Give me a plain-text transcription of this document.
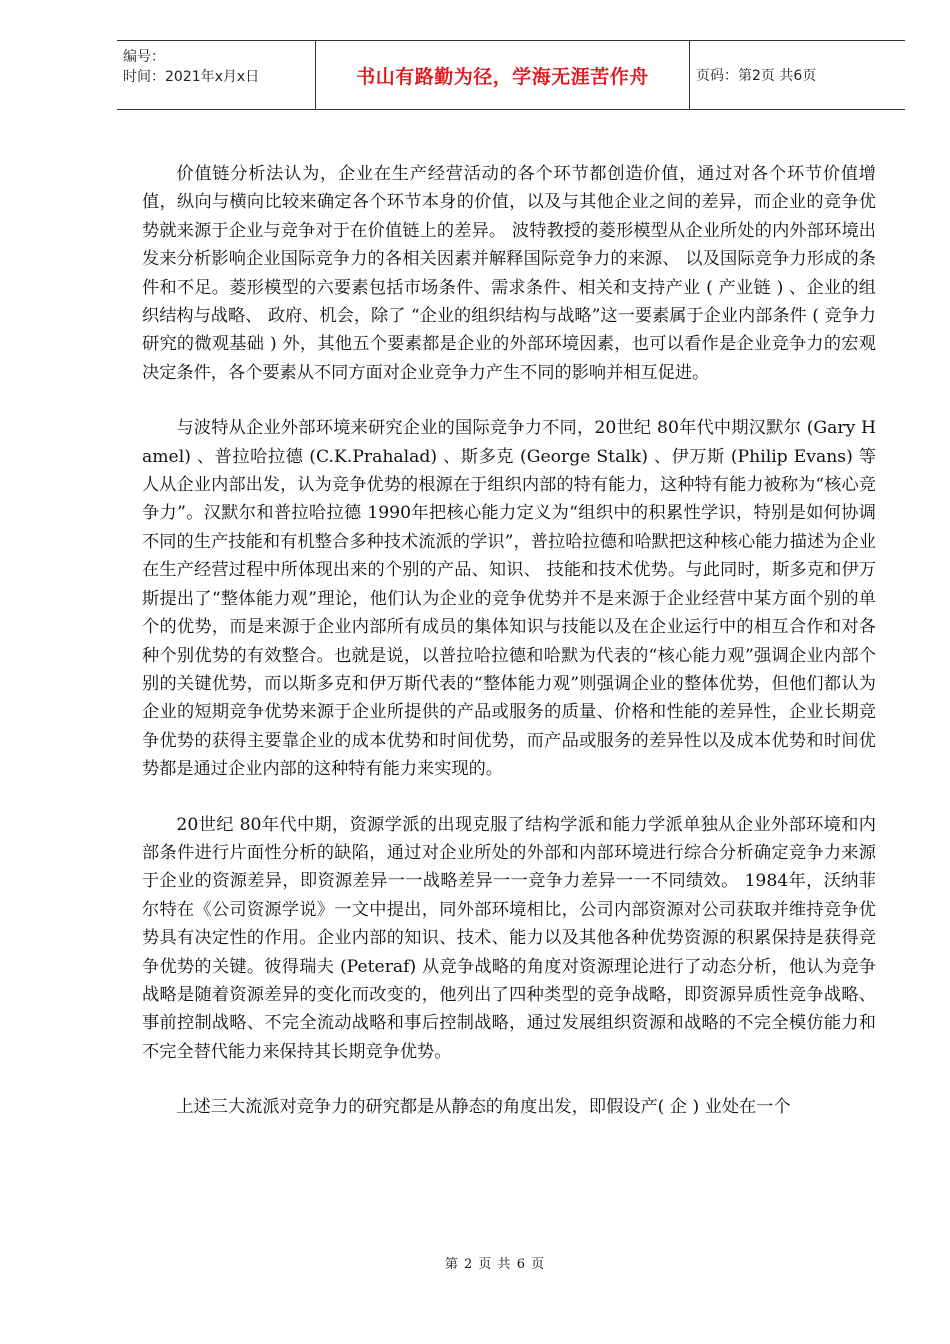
编号：
时间：2021年x月x日	书山有路勤为径，学海无涯苦作舟	页码：第2页 共6页

价值链分析法认为，企业在生产经营活动的各个环节都创造价值，通过对各个环节价值增值，纵向与横向比较来确定各个环节本身的价值，以及与其他企业之间的差异，而企业的竞争优势就来源于企业与竞争对于在价值链上的差异。 波特教授的菱形模型从企业所处的内外部环境出发来分析影响企业国际竞争力的各相关因素并解释国际竞争力的来源、 以及国际竞争力形成的条件和不足。菱形模型的六要素包括市场条件、需求条件、相关和支持产业 ( 产业链 ) 、企业的组织结构与战略、 政府、机会，除了 “企业的组织结构与战略”这一要素属于企业内部条件 ( 竞争力研究的微观基础 ) 外，其他五个要素都是企业的外部环境因素，也可以看作是企业竞争力的宏观决定条件，各个要素从不同方面对企业竞争力产生不同的影响并相互促进。

与波特从企业外部环境来研究企业的国际竞争力不同，20世纪 80年代中期汉默尔 (Gary Hamel) 、普拉哈拉德 (C.K.Prahalad) 、斯多克 (George Stalk) 、伊万斯 (Philip Evans) 等人从企业内部出发，认为竞争优势的根源在于组织内部的特有能力，这种特有能力被称为“核心竞争力”。汉默尔和普拉哈拉德 1990年把核心能力定义为“组织中的积累性学识，特别是如何协调不同的生产技能和有机整合多种技术流派的学识”，普拉哈拉德和哈默把这种核心能力描述为企业在生产经营过程中所体现出来的个别的产品、知识、 技能和技术优势。与此同时，斯多克和伊万斯提出了“整体能力观”理论，他们认为企业的竞争优势并不是来源于企业经营中某方面个别的单个的优势，而是来源于企业内部所有成员的集体知识与技能以及在企业运行中的相互合作和对各种个别优势的有效整合。也就是说，以普拉哈拉德和哈默为代表的“核心能力观”强调企业内部个别的关键优势，而以斯多克和伊万斯代表的“整体能力观”则强调企业的整体优势，但他们都认为企业的短期竞争优势来源于企业所提供的产品或服务的质量、价格和性能的差异性，企业长期竞争优势的获得主要靠企业的成本优势和时间优势，而产品或服务的差异性以及成本优势和时间优势都是通过企业内部的这种特有能力来实现的。

20世纪 80年代中期，资源学派的出现克服了结构学派和能力学派单独从企业外部环境和内部条件进行片面性分析的缺陷，通过对企业所处的外部和内部环境进行综合分析确定竞争力来源于企业的资源差异，即资源差异一一战略差异一一竞争力差异一一不同绩效。 1984年，沃纳菲尔特在《公司资源学说》一文中提出，同外部环境相比，公司内部资源对公司获取并维持竞争优势具有决定性的作用。企业内部的知识、技术、能力以及其他各种优势资源的积累保持是获得竞争优势的关键。彼得瑞夫 (Peteraf) 从竞争战略的角度对资源理论进行了动态分析，他认为竞争战略是随着资源差异的变化而改变的，他列出了四种类型的竞争战略，即资源异质性竞争战略、事前控制战略、不完全流动战略和事后控制战略，通过发展组织资源和战略的不完全模仿能力和不完全替代能力来保持其长期竞争优势。

上述三大流派对竞争力的研究都是从静态的角度出发，即假设产( 企 ) 业处在一个

第 2 页 共 6 页
